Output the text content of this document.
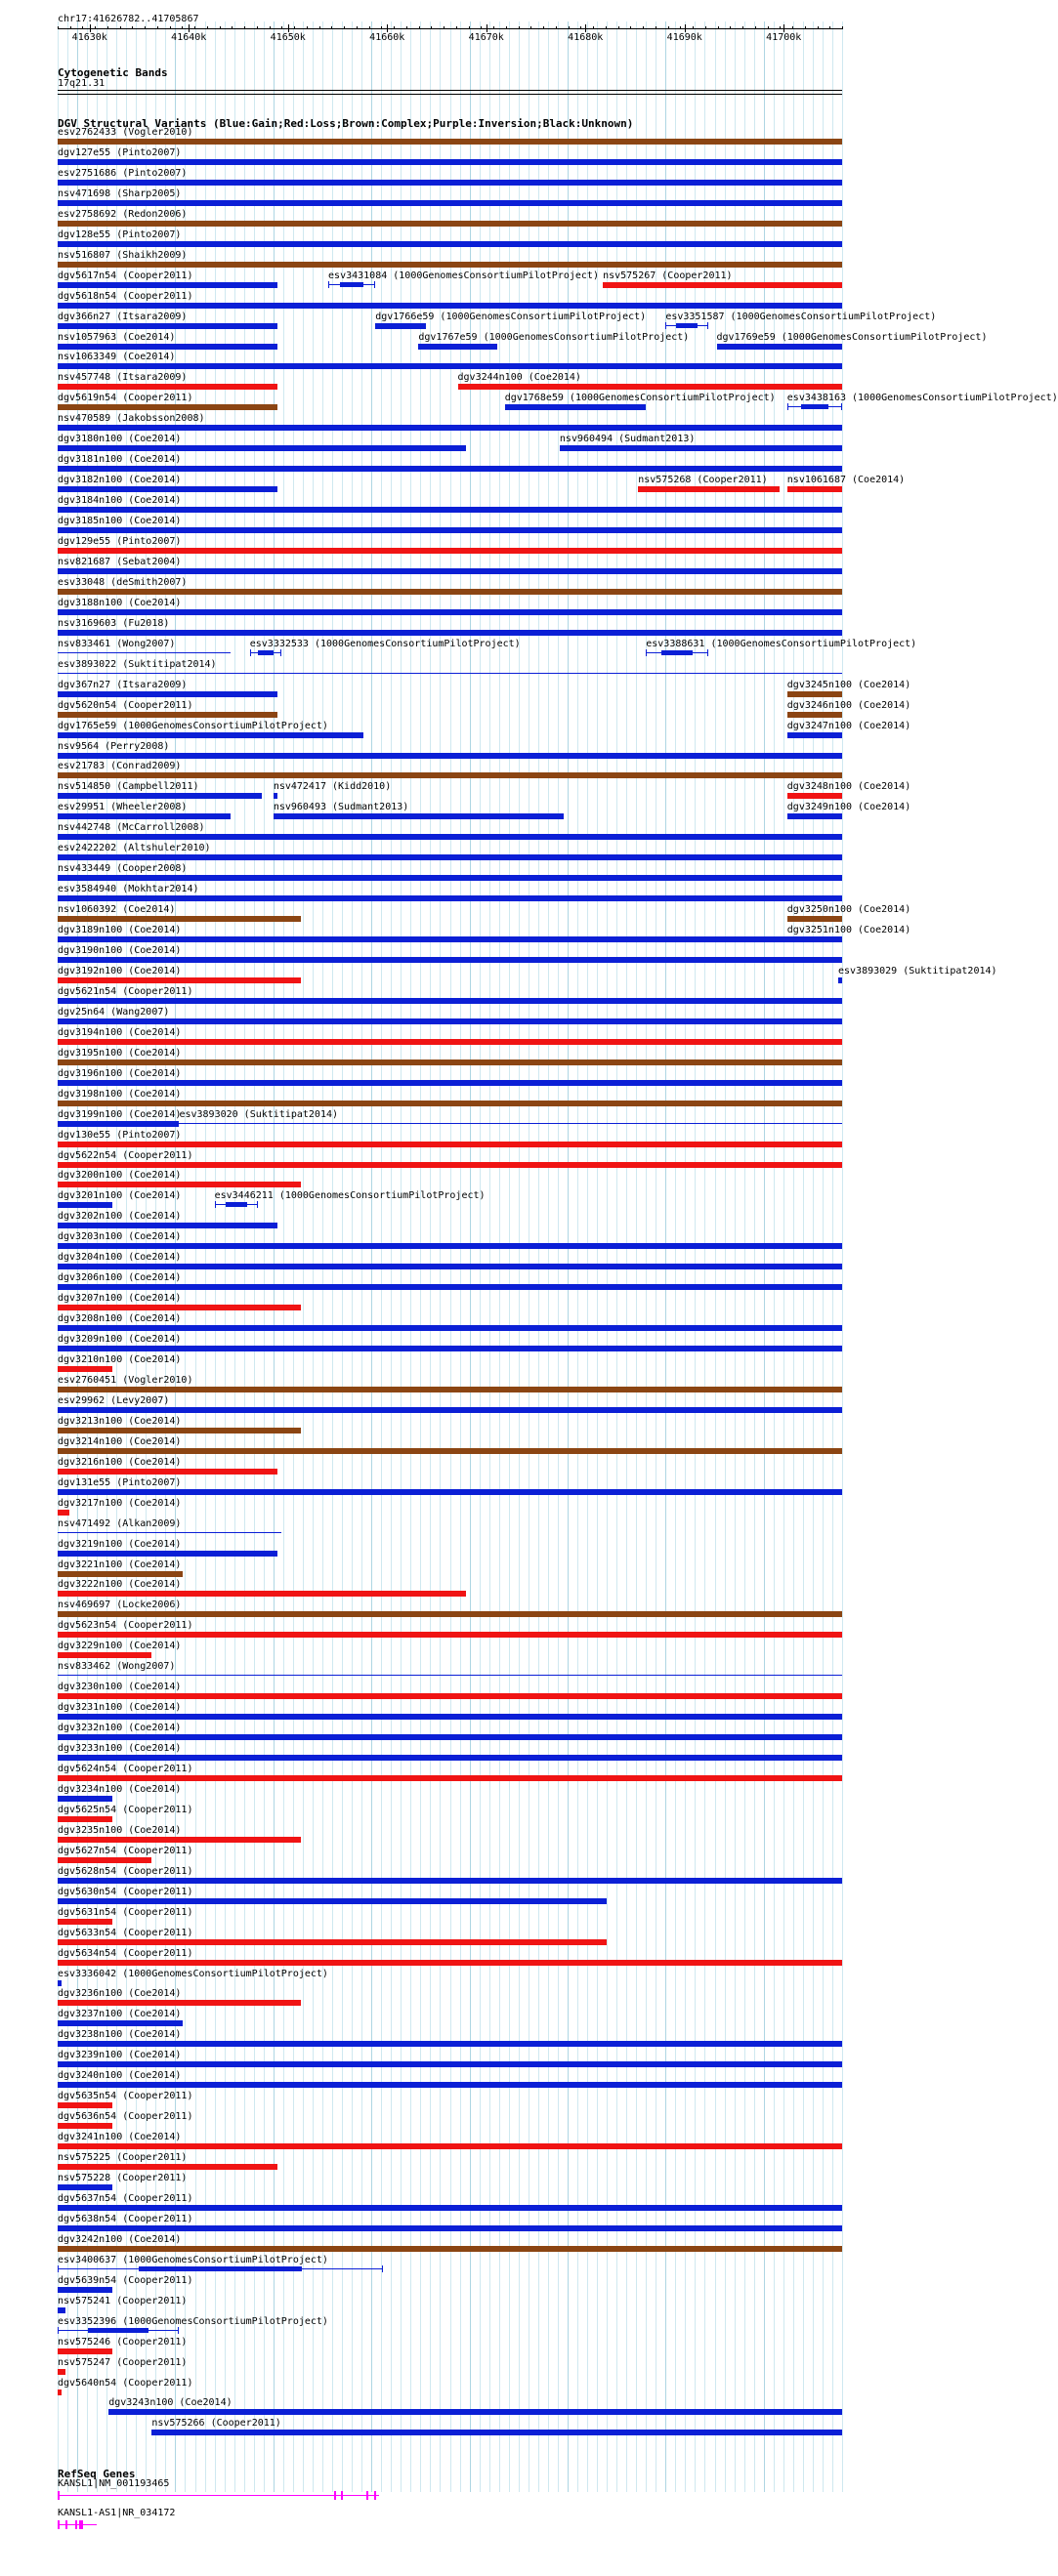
chr17:41626782..41705867
41630k	41640k	41650k	41660k	41670k	41680k	41690k	41700k
Cytogenetic Bands
17q21.31
DGV Structural Variants (Blue:Gain;Red:Loss;Brown:Complex;Purple:Inversion;Black:Unknown)
esv2762433 (Vogler2010)
dgv127e55 (Pinto2007)
esv2751686 (Pinto2007)
nsv471698 (Sharp2005)
esv2758692 (Redon2006)
dgv128e55 (Pinto2007)
nsv516807 (Shaikh2009)
dgv5617n54 (Cooper2011)	esv3431084 (1000GenomesConsortiumPilotProject) nsv575267 (Cooper2011)
dgv5618n54 (Cooper2011)
dgv366n27 (Itsara2009)	dgv1766e59 (1000GenomesConsortiumPilotProject) esv3351587 (1000GenomesConsortiumPilotProject)
nsv1057963 (Coe2014)	dgv1767e59 (1000GenomesConsortiumPilotProject)	dgv1769e59 (1000GenomesConsortiumPilotProject)
nsv1063349 (Coe2014)
nsv457748 (Itsara2009)	dgv3244n100 (Coe2014)
dgv5619n54 (Cooper2011)	dgv1768e59 (1000GenomesConsortiumPilotProject) esv3438163 (1000GenomesConsortiumPilotProject)
nsv470589 (Jakobsson2008)
dgv3180n100 (Coe2014)	nsv960494 (Sudmant2013)
dgv3181n100 (Coe2014)
dgv3182n100 (Coe2014)	nsv575268 (Cooper2011) nsv1061687 (Coe2014)
dgv3184n100 (Coe2014)
dgv3185n100 (Coe2014)
dgv129e55 (Pinto2007)
nsv821687 (Sebat2004)
esv33048 (deSmith2007)
dgv3188n100 (Coe2014)
nsv3169603 (Fu2018)
nsv833461 (Wong2007)	esv3332533 (1000GenomesConsortiumPilotProject)	esv3388631 (1000GenomesConsortiumPilotProject)
esv3893022 (Suktitipat2014)
dgv367n27 (Itsara2009)	dgv3245n100 (Coe2014)
dgv5620n54 (Cooper2011)	dgv3246n100 (Coe2014)
dgv1765e59 (1000GenomesConsortiumPilotProject)	dgv3247n100 (Coe2014)
nsv9564 (Perry2008)
esv21783 (Conrad2009)
nsv514850 (Campbell2011)	nsv472417 (Kidd2010)	dgv3248n100 (Coe2014)
esv29951 (Wheeler2008)	nsv960493 (Sudmant2013)	dgv3249n100 (Coe2014)
nsv442748 (McCarroll2008)
esv2422202 (Altshuler2010)
nsv433449 (Cooper2008)
esv3584940 (Mokhtar2014)
nsv1060392 (Coe2014)	dgv3250n100 (Coe2014)
dgv3189n100 (Coe2014)	dgv3251n100 (Coe2014)
dgv3190n100 (Coe2014)
dgv3192n100 (Coe2014)	esv3893029 (Suktitipat2014)
dgv5621n54 (Cooper2011)
dgv25n64 (Wang2007)
dgv3194n100 (Coe2014)
dgv3195n100 (Coe2014)
dgv3196n100 (Coe2014)
dgv3198n100 (Coe2014)
dgv3199n100 (Coe2014)
esv3893020 (Suktitipat2014)
dgv130e55 (Pinto2007)
dgv5622n54 (Cooper2011)
dgv3200n100 (Coe2014)
dgv3201n100 (Coe2014)	esv3446211 (1000GenomesConsortiumPilotProject)
dgv3202n100 (Coe2014)
dgv3203n100 (Coe2014)
dgv3204n100 (Coe2014)
dgv3206n100 (Coe2014)
dgv3207n100 (Coe2014)
dgv3208n100 (Coe2014)
dgv3209n100 (Coe2014)
dgv3210n100 (Coe2014)
esv2760451 (Vogler2010)
esv29962 (Levy2007)
dgv3213n100 (Coe2014)
dgv3214n100 (Coe2014)
dgv3216n100 (Coe2014)
dgv131e55 (Pinto2007)
dgv3217n100 (Coe2014)
nsv471492 (Alkan2009)
dgv3219n100 (Coe2014)
dgv3221n100 (Coe2014)
dgv3222n100 (Coe2014)
nsv469697 (Locke2006)
dgv5623n54 (Cooper2011)
dgv3229n100 (Coe2014)
nsv833462 (Wong2007)
dgv3230n100 (Coe2014)
dgv3231n100 (Coe2014)
dgv3232n100 (Coe2014)
dgv3233n100 (Coe2014)
dgv5624n54 (Cooper2011)
dgv3234n100 (Coe2014)
dgv5625n54 (Cooper2011)
dgv3235n100 (Coe2014)
dgv5627n54 (Cooper2011)
dgv5628n54 (Cooper2011)
dgv5630n54 (Cooper2011)
dgv5631n54 (Cooper2011)
dgv5633n54 (Cooper2011)
dgv5634n54 (Cooper2011)
esv3336042 (1000GenomesConsortiumPilotProject)
dgv3236n100 (Coe2014)
dgv3237n100 (Coe2014)
dgv3238n100 (Coe2014)
dgv3239n100 (Coe2014)
dgv3240n100 (Coe2014)
dgv5635n54 (Cooper2011)
dgv5636n54 (Cooper2011)
dgv3241n100 (Coe2014)
nsv575225 (Cooper2011)
nsv575228 (Cooper2011)
dgv5637n54 (Cooper2011)
dgv5638n54 (Cooper2011)
dgv3242n100 (Coe2014)
esv3400637 (1000GenomesConsortiumPilotProject)
dgv5639n54 (Cooper2011)
nsv575241 (Cooper2011)
esv3352396 (1000GenomesConsortiumPilotProject)
nsv575246 (Cooper2011)
nsv575247 (Cooper2011)
dgv5640n54 (Cooper2011)
dgv3243n100 (Coe2014)
nsv575266 (Cooper2011)
RefSeq Genes
KANSL1|NM_001193465
KANSL1-AS1|NR_034172
